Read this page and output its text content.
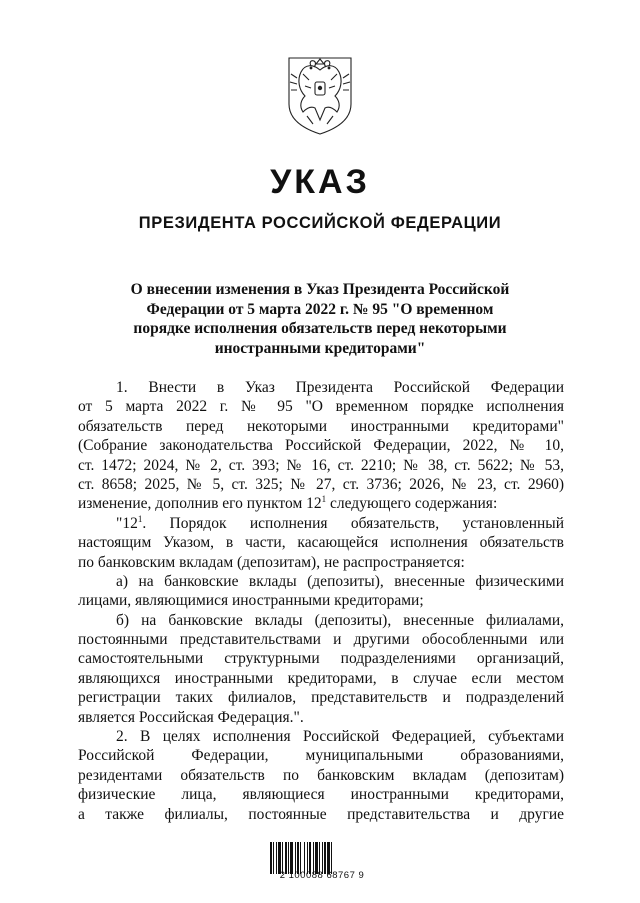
УКАЗ
ПРЕЗИДЕНТА РОССИЙСКОЙ ФЕДЕРАЦИИ
О внесении изменения в Указ Президента Российской
Федерации от 5 марта 2022 г. № 95 "О временном
порядке исполнения обязательств перед некоторыми
иностранными кредиторами"
1. Внести в Указ Президента Российской Федерации
от 5 марта 2022 г. № 95 "О временном порядке исполнения
обязательств перед некоторыми иностранными кредиторами"
(Собрание законодательства Российской Федерации, 2022, № 10,
ст. 1472; 2024, № 2, ст. 393; № 16, ст. 2210; № 38, ст. 5622; № 53,
ст. 8658; 2025, № 5, ст. 325; № 27, ст. 3736; 2026, № 23, ст. 2960)
изменение, дополнив его пунктом $12^1$ следующего содержания:
"$12^1$. Порядок исполнения обязательств, установленный
настоящим Указом, в части, касающейся исполнения обязательств
по банковским вкладам (депозитам), не распространяется:
а) на банковские вклады (депозиты), внесенные физическими
лицами, являющимися иностранными кредиторами;
б) на банковские вклады (депозиты), внесенные филиалами,
постоянными представительствами и другими обособленными или
самостоятельными структурными подразделениями организаций,
являющихся иностранными кредиторами, в случае если местом
регистрации таких филиалов, представительств и подразделений
является Российская Федерация.".
2. В целях исполнения Российской Федерацией, субъектами
Российской Федерации, муниципальными образованиями,
резидентами обязательств по банковским вкладам (депозитам)
физические лица, являющиеся иностранными кредиторами,
а также филиалы, постоянные представительства и другие
2 100088 68767 9
